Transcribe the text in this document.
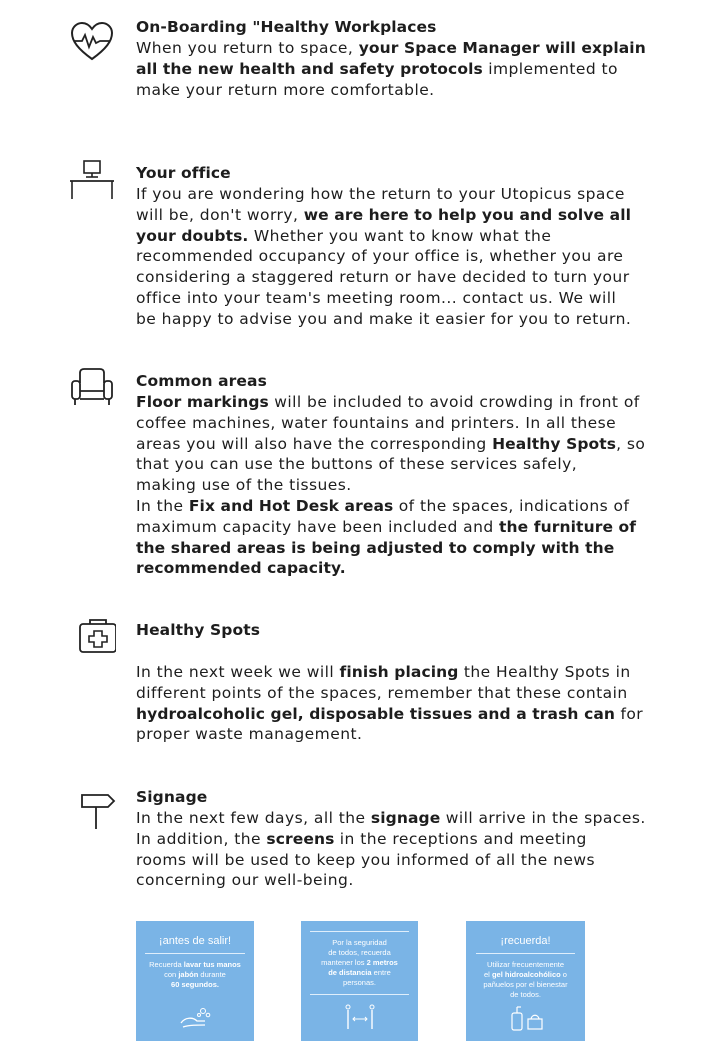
On-Boarding "Healthy Workplaces

When you return to space, your Space Manager will explain

all the new health and safety protocols implemented to

make your return more comfortable.

Your office

If you are wondering how the return to your Utopicus space

will be, don't worry, we are here to help you and solve all

your doubts. Whether you want to know what the

recommended occupancy of your office is, whether you are

considering a staggered return or have decided to turn your

office into your team's meeting room... contact us. We will

be happy to advise you and make it easier for you to return.

Common areas

Floor markings will be included to avoid crowding in front of

coffee machines, water fountains and printers. In all these

areas you will also have the corresponding Healthy Spots, so

that you can use the buttons of these services safely,

making use of the tissues.

In the Fix and Hot Desk areas of the spaces, indications of

maximum capacity have been included and the furniture of

the shared areas is being adjusted to comply with the

recommended capacity.

Healthy Spots

In the next week we will finish placing the Healthy Spots in

different points of the spaces, remember that these contain

hydroalcoholic gel, disposable tissues and a trash can for

proper waste management.

Signage

In the next few days, all the signage will arrive in the spaces.

In addition, the screens in the receptions and meeting

rooms will be used to keep you informed of all the news

concerning our well-being.

¡antes de salir!

Recuerda lavar tus manos

con jabón durante

60 segundos.

Por la seguridad

de todos, recuerda

mantener los 2 metros

de distancia entre

personas.

¡recuerda!

Utilizar frecuentemente

el gel hidroalcohólico o

pañuelos por el bienestar

de todos.
